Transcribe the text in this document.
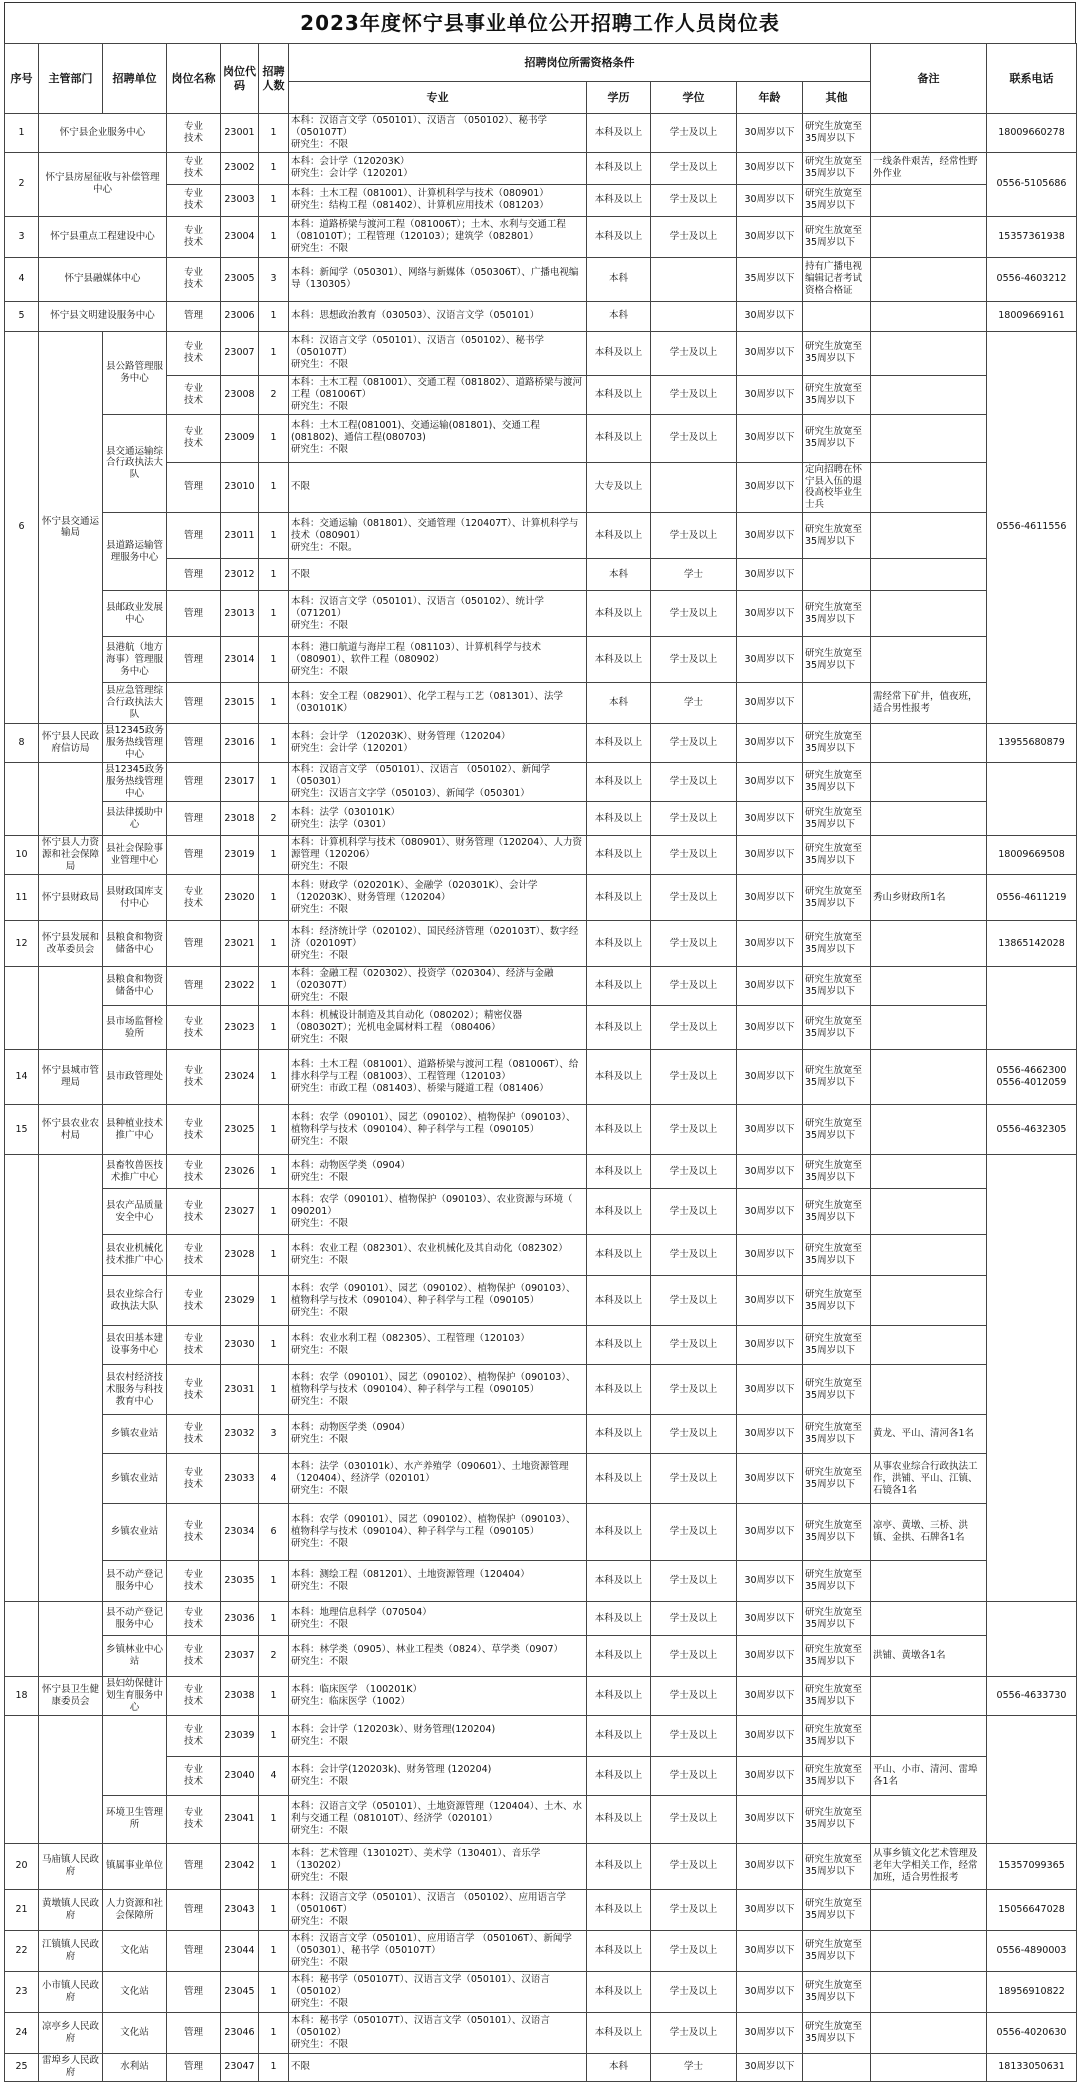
2023年度怀宁县事业单位公开招聘工作人员岗位表
序号	主管部门	招聘单位	岗位名称	岗位代码	招聘人数	招聘岗位所需资格条件					备注	联系电话
						专业	学历	学位	年龄	其他		
1	怀宁县企业服务中心		专业
技术	23001	1	本科：汉语言文学（050101）、汉语言 （050102）、秘书学（050107T）
研究生：不限	本科及以上	学士及以上	30周岁以下	研究生放宽至35周岁以下		18009660278
2	怀宁县房屋征收与补偿管理中心		专业
技术	23002	1	本科：会计学（120203K）
研究生：会计学（120201）	本科及以上	学士及以上	30周岁以下	研究生放宽至35周岁以下	一线条件艰苦，经常性野外作业	0556-5105686
			专业
技术	23003	1	本科：土木工程（081001）、计算机科学与技术（080901）
研究生：结构工程（081402）、计算机应用技术（081203）	本科及以上	学士及以上	30周岁以下	研究生放宽至35周岁以下		
3	怀宁县重点工程建设中心		专业
技术	23004	1	本科：道路桥梁与渡河工程（081006T）；土木、水利与交通工程（081010T）；工程管理（120103）；建筑学（082801）
研究生：不限	本科及以上	学士及以上	30周岁以下	研究生放宽至35周岁以下		15357361938
4	怀宁县融媒体中心		专业
技术	23005	3	本科：新闻学（050301）、网络与新媒体（050306T）、广播电视编导（130305）	本科		35周岁以下	持有广播电视编辑记者考试资格合格证		0556-4603212
5	怀宁县文明建设服务中心		管理	23006	1	本科：思想政治教育（030503）、汉语言文学（050101）	本科		30周岁以下			18009669161
6	怀宁县交通运输局	县公路管理服务中心	专业
技术	23007	1	本科：汉语言文学（050101）、汉语言（050102）、秘书学（050107T）
研究生：不限	本科及以上	学士及以上	30周岁以下	研究生放宽至35周岁以下		0556-4611556
			专业
技术	23008	2	本科：土木工程（081001）、交通工程（081802）、道路桥梁与渡河工程（081006T）
研究生：不限	本科及以上	学士及以上	30周岁以下	研究生放宽至35周岁以下		
		县交通运输综合行政执法大队	专业
技术	23009	1	本科：土木工程(081001)、交通运输(081801)、交通工程(081802)、通信工程(080703)
研究生：不限	本科及以上	学士及以上	30周岁以下	研究生放宽至35周岁以下		
			管理	23010	1	不限	大专及以上		30周岁以下	定向招聘在怀宁县入伍的退役高校毕业生士兵		
		县道路运输管理服务中心	管理	23011	1	本科：交通运输（081801）、交通管理（120407T）、计算机科学与技术（080901）
研究生：不限。	本科及以上	学士及以上	30周岁以下	研究生放宽至35周岁以下		
			管理	23012	1	不限	本科	学士	30周岁以下			
		县邮政业发展中心	管理	23013	1	本科：汉语言文学（050101）、汉语言（050102）、统计学（071201）
研究生：不限	本科及以上	学士及以上	30周岁以下	研究生放宽至35周岁以下		
		县港航（地方海事）管理服务中心	管理	23014	1	本科：港口航道与海岸工程（081103）、计算机科学与技术（080901）、软件工程（080902）
研究生：不限	本科及以上	学士及以上	30周岁以下	研究生放宽至35周岁以下		
		县应急管理综合行政执法大队	管理	23015	1	本科：安全工程（082901）、化学工程与工艺（081301）、法学（030101K）	本科	学士	30周岁以下		需经常下矿井，值夜班，适合男性报考	
8	怀宁县人民政府信访局	县12345政务服务热线管理中心	管理	23016	1	本科：会计学 （120203K）、财务管理（120204）
研究生：会计学（120201）	本科及以上	学士及以上	30周岁以下	研究生放宽至35周岁以下		13955680879
		县12345政务服务热线管理中心	管理	23017	1	本科：汉语言文学 （050101）、汉语言 （050102）、新闻学（050301）
研究生：汉语言文字学（050103）、新闻学（050301）	本科及以上	学士及以上	30周岁以下	研究生放宽至35周岁以下		
		县法律援助中心	管理	23018	2	本科：法学（030101K）
研究生：法学（0301）	本科及以上	学士及以上	30周岁以下	研究生放宽至35周岁以下		
10	怀宁县人力资源和社会保障局	县社会保险事业管理中心	管理	23019	1	本科：计算机科学与技术（080901）、财务管理（120204）、人力资源管理（120206）
研究生：不限	本科及以上	学士及以上	30周岁以下	研究生放宽至35周岁以下		18009669508
11	怀宁县财政局	县财政国库支付中心	专业
技术	23020	1	本科：财政学（020201K）、金融学（020301K）、会计学（120203K）、财务管理（120204）
研究生：不限	本科及以上	学士及以上	30周岁以下	研究生放宽至35周岁以下	秀山乡财政所1名	0556-4611219
12	怀宁县发展和改革委员会	县粮食和物资储备中心	管理	23021	1	本科：经济统计学（020102）、国民经济管理（020103T）、数字经济（020109T）
研究生：不限	本科及以上	学士及以上	30周岁以下	研究生放宽至35周岁以下		13865142028
		县粮食和物资储备中心	管理	23022	1	本科：金融工程（020302）、投资学（020304）、经济与金融（020307T）
研究生：不限	本科及以上	学士及以上	30周岁以下	研究生放宽至35周岁以下		
		县市场监督检验所	专业
技术	23023	1	本科：机械设计制造及其自动化（080202）；精密仪器（080302T）；光机电金属材料工程 （080406）
研究生：不限	本科及以上	学士及以上	30周岁以下	研究生放宽至35周岁以下		
14	怀宁县城市管理局	县市政管理处	专业
技术	23024	1	本科：土木工程（081001）、道路桥梁与渡河工程（081006T）、给排水科学与工程（081003）、工程管理（120103）
研究生：市政工程（081403）、桥梁与隧道工程（081406）	本科及以上	学士及以上	30周岁以下	研究生放宽至35周岁以下		0556-4662300
0556-4012059
15	怀宁县农业农村局	县种植业技术推广中心	专业
技术	23025	1	本科：农学（090101）、园艺（090102）、植物保护（090103）、植物科学与技术（090104）、种子科学与工程（090105）
研究生：不限	本科及以上	学士及以上	30周岁以下	研究生放宽至35周岁以下		0556-4632305
		县畜牧兽医技术推广中心	专业
技术	23026	1	本科：动物医学类（0904）
研究生：不限	本科及以上	学士及以上	30周岁以下	研究生放宽至35周岁以下		
		县农产品质量安全中心	专业
技术	23027	1	本科：农学（090101）、植物保护（090103）、农业资源与环境（ 090201）
研究生：不限	本科及以上	学士及以上	30周岁以下	研究生放宽至35周岁以下		
		县农业机械化技术推广中心	专业
技术	23028	1	本科：农业工程（082301）、农业机械化及其自动化（082302）
研究生：不限	本科及以上	学士及以上	30周岁以下	研究生放宽至35周岁以下		
		县农业综合行政执法大队	专业
技术	23029	1	本科：农学（090101）、园艺（090102）、植物保护（090103）、植物科学与技术（090104）、种子科学与工程（090105）
研究生：不限	本科及以上	学士及以上	30周岁以下	研究生放宽至35周岁以下		
		县农田基本建设事务中心	专业
技术	23030	1	本科：农业水利工程（082305）、工程管理（120103）
研究生：不限	本科及以上	学士及以上	30周岁以下	研究生放宽至35周岁以下		
		县农村经济技术服务与科技教育中心	专业
技术	23031	1	本科：农学（090101）、园艺（090102）、植物保护（090103）、植物科学与技术（090104）、种子科学与工程（090105）
研究生：不限	本科及以上	学士及以上	30周岁以下	研究生放宽至35周岁以下		
		乡镇农业站	专业
技术	23032	3	本科：动物医学类（0904）
研究生：不限	本科及以上	学士及以上	30周岁以下	研究生放宽至35周岁以下	黄龙、平山、清河各1名	
		乡镇农业站	专业
技术	23033	4	本科：法学（030101k）、水产养殖学（090601）、土地资源管理（120404）、经济学（020101）
研究生：不限	本科及以上	学士及以上	30周岁以下	研究生放宽至35周岁以下	从事农业综合行政执法工作，洪铺、平山、江镇、石镜各1名	
		乡镇农业站	专业
技术	23034	6	本科：农学（090101）、园艺（090102）、植物保护（090103）、植物科学与技术（090104）、种子科学与工程（090105）
研究生：不限	本科及以上	学士及以上	30周岁以下	研究生放宽至35周岁以下	凉亭、黄墩、三桥、洪镇、金拱、石牌各1名	
		县不动产登记服务中心	专业
技术	23035	1	本科：测绘工程（081201）、土地资源管理（120404）
研究生：不限	本科及以上	学士及以上	30周岁以下	研究生放宽至35周岁以下		
		县不动产登记服务中心	专业
技术	23036	1	本科：地理信息科学（070504）
研究生：不限	本科及以上	学士及以上	30周岁以下	研究生放宽至35周岁以下		
		乡镇林业中心站	专业
技术	23037	2	本科：林学类（0905）、林业工程类（0824）、草学类（0907）
研究生：不限	本科及以上	学士及以上	30周岁以下	研究生放宽至35周岁以下	洪铺、黄墩各1名	
18	怀宁县卫生健康委员会	县妇幼保健计划生育服务中心	专业
技术	23038	1	本科：临床医学 （100201K）
研究生：临床医学（1002）	本科及以上	学士及以上	30周岁以下	研究生放宽至35周岁以下		0556-4633730
			专业
技术	23039	1	本科：会计学（120203k）、财务管理(120204)
研究生：不限	本科及以上	学士及以上	30周岁以下	研究生放宽至35周岁以下		
			专业
技术	23040	4	本科：会计学(120203k)、财务管理 (120204)
研究生：不限	本科及以上	学士及以上	30周岁以下	研究生放宽至35周岁以下	平山、小市、清河、雷埠各1名	
		环境卫生管理所	专业
技术	23041	1	本科：汉语言文学（050101）、土地资源管理（120404）、土木、水利与交通工程（081010T）、经济学（020101）
研究生：不限	本科及以上	学士及以上	30周岁以下	研究生放宽至35周岁以下		
20	马庙镇人民政府	镇属事业单位	管理	23042	1	本科：艺术管理（130102T）、美术学（130401）、音乐学（130202）
研究生：不限	本科及以上	学士及以上	30周岁以下	研究生放宽至35周岁以下	从事乡镇文化艺术管理及老年大学相关工作，经常加班，适合男性报考	15357099365
21	黄墩镇人民政府	人力资源和社会保障所	管理	23043	1	本科：汉语言文学（050101）、汉语言 （050102）、应用语言学 （050106T）
研究生：不限	本科及以上	学士及以上	30周岁以下	研究生放宽至35周岁以下		15056647028
22	江镇镇人民政府	文化站	管理	23044	1	本科：汉语言文学（050101）、应用语言学 （050106T）、新闻学（050301）、秘书学（050107T）
研究生：不限	本科及以上	学士及以上	30周岁以下	研究生放宽至35周岁以下		0556-4890003
23	小市镇人民政府	文化站	管理	23045	1	本科：秘书学（050107T）、汉语言文学（050101）、汉语言（050102）
研究生：不限	本科及以上	学士及以上	30周岁以下	研究生放宽至35周岁以下		18956910822
24	凉亭乡人民政府	文化站	管理	23046	1	本科：秘书学（050107T）、汉语言文学（050101）、汉语言（050102）
研究生：不限	本科及以上	学士及以上	30周岁以下	研究生放宽至35周岁以下		0556-4020630
25	雷埠乡人民政府	水利站	管理	23047	1	不限	本科	学士	30周岁以下			18133050631
